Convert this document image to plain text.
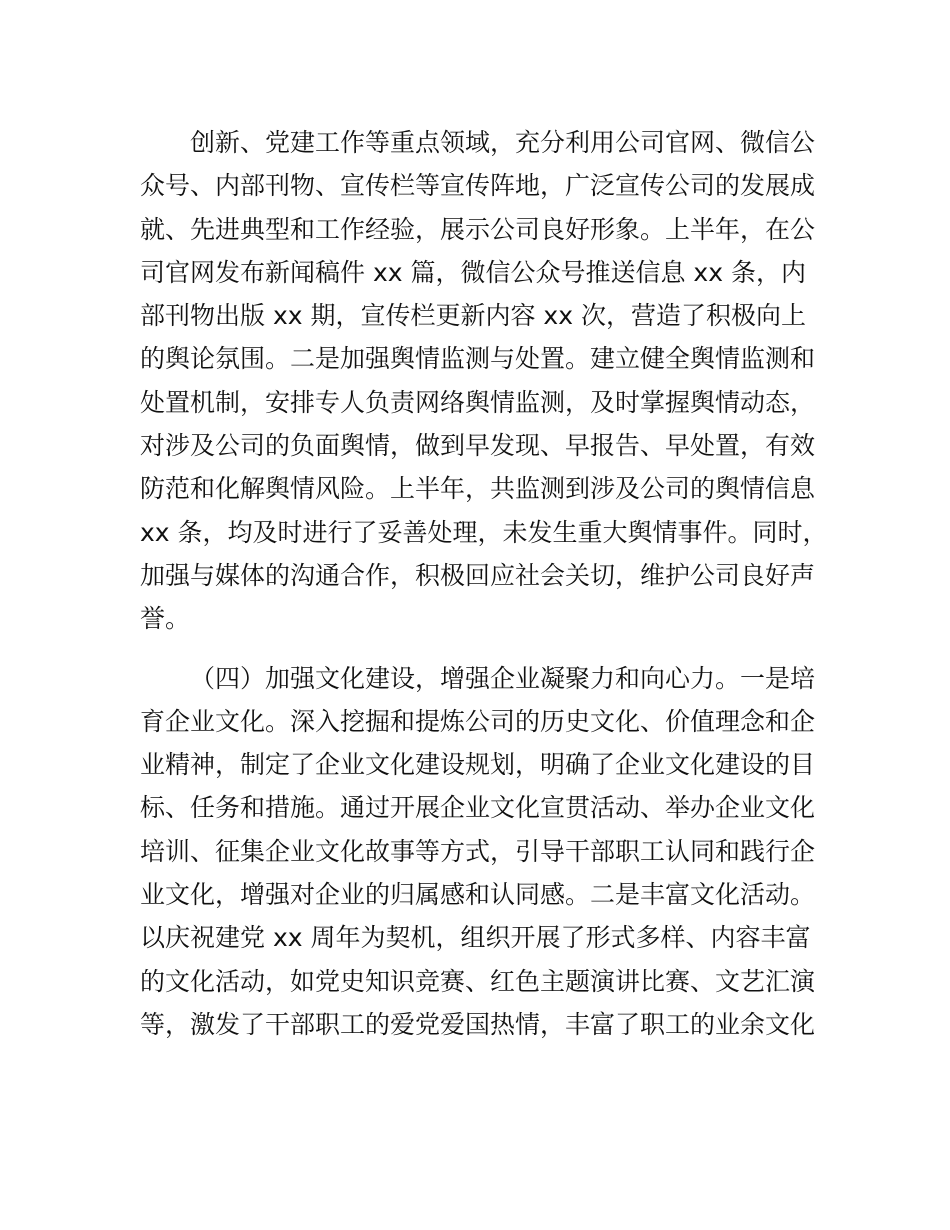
创新、党建工作等重点领域，充分利用公司官网、微信公
众号、内部刊物、宣传栏等宣传阵地，广泛宣传公司的发展成
就、先进典型和工作经验，展示公司良好形象。上半年，在公
司官网发布新闻稿件 xx 篇，微信公众号推送信息 xx 条，内
部刊物出版 xx 期，宣传栏更新内容 xx 次，营造了积极向上
的舆论氛围。二是加强舆情监测与处置。建立健全舆情监测和
处置机制，安排专人负责网络舆情监测，及时掌握舆情动态，
对涉及公司的负面舆情，做到早发现、早报告、早处置，有效
防范和化解舆情风险。上半年，共监测到涉及公司的舆情信息
xx 条，均及时进行了妥善处理，未发生重大舆情事件。同时，
加强与媒体的沟通合作，积极回应社会关切，维护公司良好声
誉。
（四）加强文化建设，增强企业凝聚力和向心力。一是培
育企业文化。深入挖掘和提炼公司的历史文化、价值理念和企
业精神，制定了企业文化建设规划，明确了企业文化建设的目
标、任务和措施。通过开展企业文化宣贯活动、举办企业文化
培训、征集企业文化故事等方式，引导干部职工认同和践行企
业文化，增强对企业的归属感和认同感。二是丰富文化活动。
以庆祝建党 xx 周年为契机，组织开展了形式多样、内容丰富
的文化活动，如党史知识竞赛、红色主题演讲比赛、文艺汇演
等，激发了干部职工的爱党爱国热情，丰富了职工的业余文化
